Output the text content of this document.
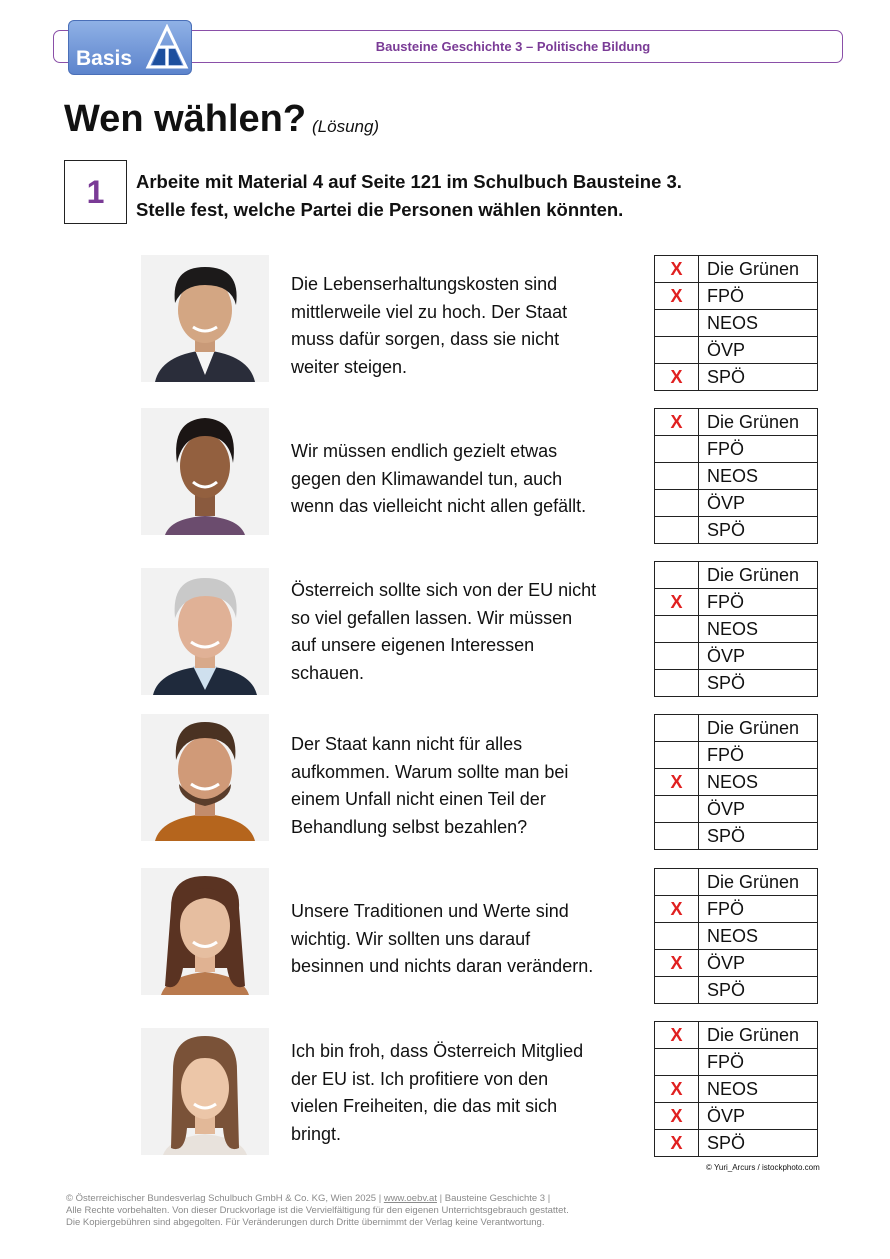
Bausteine Geschichte 3 – Politische Bildung
Basis
Wen wählen? (Lösung)
1 Arbeite mit Material 4 auf Seite 121 im Schulbuch Bausteine 3.
Stelle fest, welche Partei die Personen wählen könnten.
Die Lebenserhaltungskosten sind
mittlerweile viel zu hoch. Der Staat
muss dafür sorgen, dass sie nicht
weiter steigen.
X	Die Grünen
X	FPÖ
	NEOS
	ÖVP
X	SPÖ
Wir müssen endlich gezielt etwas
gegen den Klimawandel tun, auch
wenn das vielleicht nicht allen gefällt.
X	Die Grünen
	FPÖ
	NEOS
	ÖVP
	SPÖ
Österreich sollte sich von der EU nicht
so viel gefallen lassen. Wir müssen
auf unsere eigenen Interessen
schauen.
	Die Grünen
X	FPÖ
	NEOS
	ÖVP
	SPÖ
Der Staat kann nicht für alles
aufkommen. Warum sollte man bei
einem Unfall nicht einen Teil der
Behandlung selbst bezahlen?
	Die Grünen
	FPÖ
X	NEOS
	ÖVP
	SPÖ
Unsere Traditionen und Werte sind
wichtig. Wir sollten uns darauf
besinnen und nichts daran verändern.
	Die Grünen
X	FPÖ
	NEOS
X	ÖVP
	SPÖ
Ich bin froh, dass Österreich Mitglied
der EU ist. Ich profitiere von den
vielen Freiheiten, die das mit sich
bringt.
X	Die Grünen
	FPÖ
X	NEOS
X	ÖVP
X	SPÖ
© Yuri_Arcurs / istockphoto.com
© Österreichischer Bundesverlag Schulbuch GmbH & Co. KG, Wien 2025 | www.oebv.at | Bausteine Geschichte 3 |
Alle Rechte vorbehalten. Von dieser Druckvorlage ist die Vervielfältigung für den eigenen Unterrichtsgebrauch gestattet.
Die Kopiergebühren sind abgegolten. Für Veränderungen durch Dritte übernimmt der Verlag keine Verantwortung.
